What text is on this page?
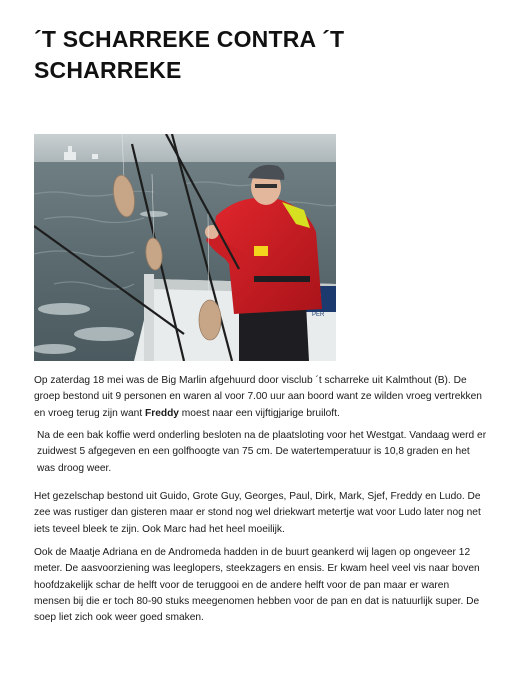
´T SCHARREKE CONTRA ´T
SCHARREKE
PER

Op zaterdag 18 mei was de Big Marlin afgehuurd door visclub ´t scharreke uit Kalmthout (B). De groep bestond uit 9 personen en waren al voor 7.00 uur aan boord want ze wilden vroeg vertrekken en vroeg terug zijn want Freddy moest naar een vijftigjarige bruiloft.

Na de een bak koffie werd onderling besloten na de plaatsloting voor het Westgat. Vandaag werd er zuidwest 5 afgegeven en een golfhoogte van 75 cm. De watertemperatuur is 10,8 graden en het was droog weer.

Het gezelschap bestond uit Guido, Grote Guy, Georges, Paul, Dirk, Mark, Sjef, Freddy en Ludo. De zee was rustiger dan gisteren maar er stond nog wel driekwart metertje wat voor Ludo later nog net iets teveel bleek te zijn. Ook Marc had het heel moeilijk.

Ook de Maatje Adriana en de Andromeda hadden in de buurt geankerd wij lagen op ongeveer 12 meter. De aasvoorziening was leeglopers, steekzagers en ensis. Er kwam heel veel vis naar boven hoofdzakelijk schar de helft voor de teruggooi en de andere helft voor de pan maar er waren mensen bij die er toch 80-90 stuks meegenomen hebben voor de pan en dat is natuurlijk super. De soep liet zich ook weer goed smaken.
